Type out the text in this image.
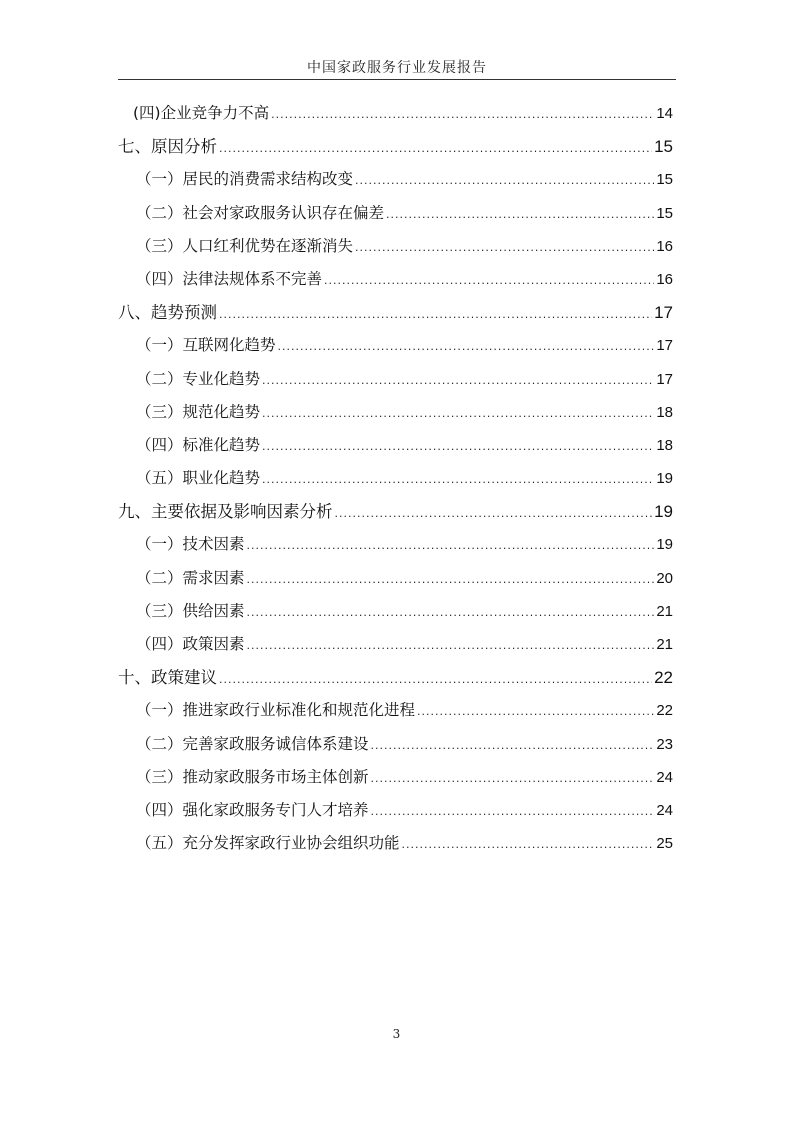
中国家政服务行业发展报告
(四)企业竞争力不高 .....	14
七、原因分析 .....	15
（一）居民的消费需求结构改变 .....	15
（二）社会对家政服务认识存在偏差 .....	15
（三）人口红利优势在逐渐消失 .....	16
（四）法律法规体系不完善 .....	16
八、趋势预测 .....	17
（一）互联网化趋势 .....	17
（二）专业化趋势 .....	17
（三）规范化趋势 .....	18
（四）标准化趋势 .....	18
（五）职业化趋势 .....	19
九、主要依据及影响因素分析 .....	19
（一）技术因素 .....	19
（二）需求因素 .....	20
（三）供给因素 .....	21
（四）政策因素 .....	21
十、政策建议 .....	22
（一）推进家政行业标准化和规范化进程 .....	22
（二）完善家政服务诚信体系建设 .....	23
（三）推动家政服务市场主体创新 .....	24
（四）强化家政服务专门人才培养 .....	24
（五）充分发挥家政行业协会组织功能 .....	25
3
